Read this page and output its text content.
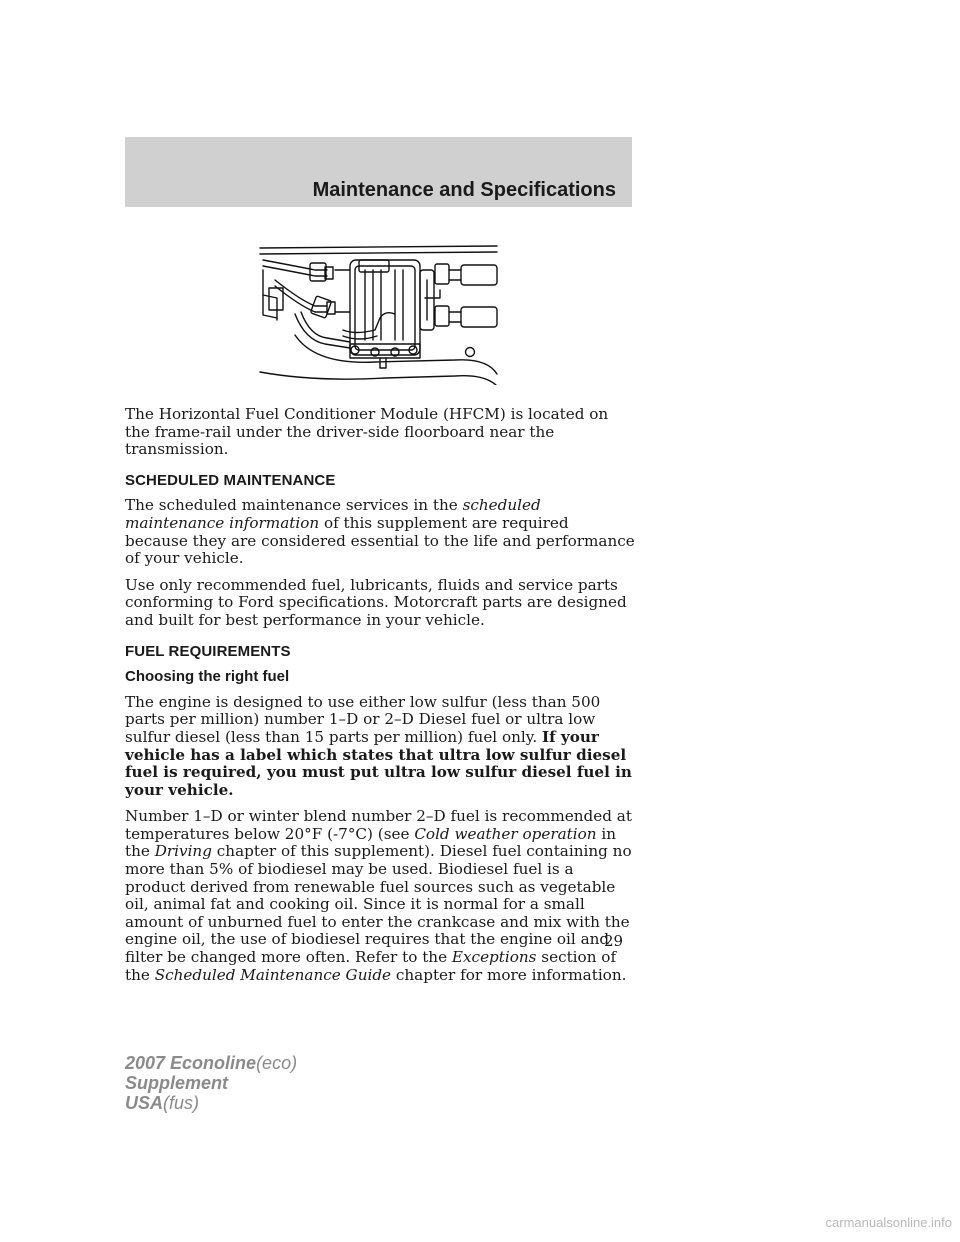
Maintenance and Specifications

The Horizontal Fuel Conditioner Module (HFCM) is located on the frame-rail under the driver-side floorboard near the transmission.

SCHEDULED MAINTENANCE

The scheduled maintenance services in the scheduled maintenance information of this supplement are required because they are considered essential to the life and performance of your vehicle.

Use only recommended fuel, lubricants, fluids and service parts conforming to Ford specifications. Motorcraft parts are designed and built for best performance in your vehicle.

FUEL REQUIREMENTS
Choosing the right fuel

The engine is designed to use either low sulfur (less than 500 parts per million) number 1–D or 2–D Diesel fuel or ultra low sulfur diesel (less than 15 parts per million) fuel only. If your vehicle has a label which states that ultra low sulfur diesel fuel is required, you must put ultra low sulfur diesel fuel in your vehicle.

Number 1–D or winter blend number 2–D fuel is recommended at temperatures below 20°F (-7°C) (see Cold weather operation in the Driving chapter of this supplement). Diesel fuel containing no more than 5% of biodiesel may be used. Biodiesel fuel is a product derived from renewable fuel sources such as vegetable oil, animal fat and cooking oil. Since it is normal for a small amount of unburned fuel to enter the crankcase and mix with the engine oil, the use of biodiesel requires that the engine oil and filter be changed more often. Refer to the Exceptions section of the Scheduled Maintenance Guide chapter for more information.

29
2007 Econoline(eco)
Supplement
USA(fus)
carmanualsonline.info
